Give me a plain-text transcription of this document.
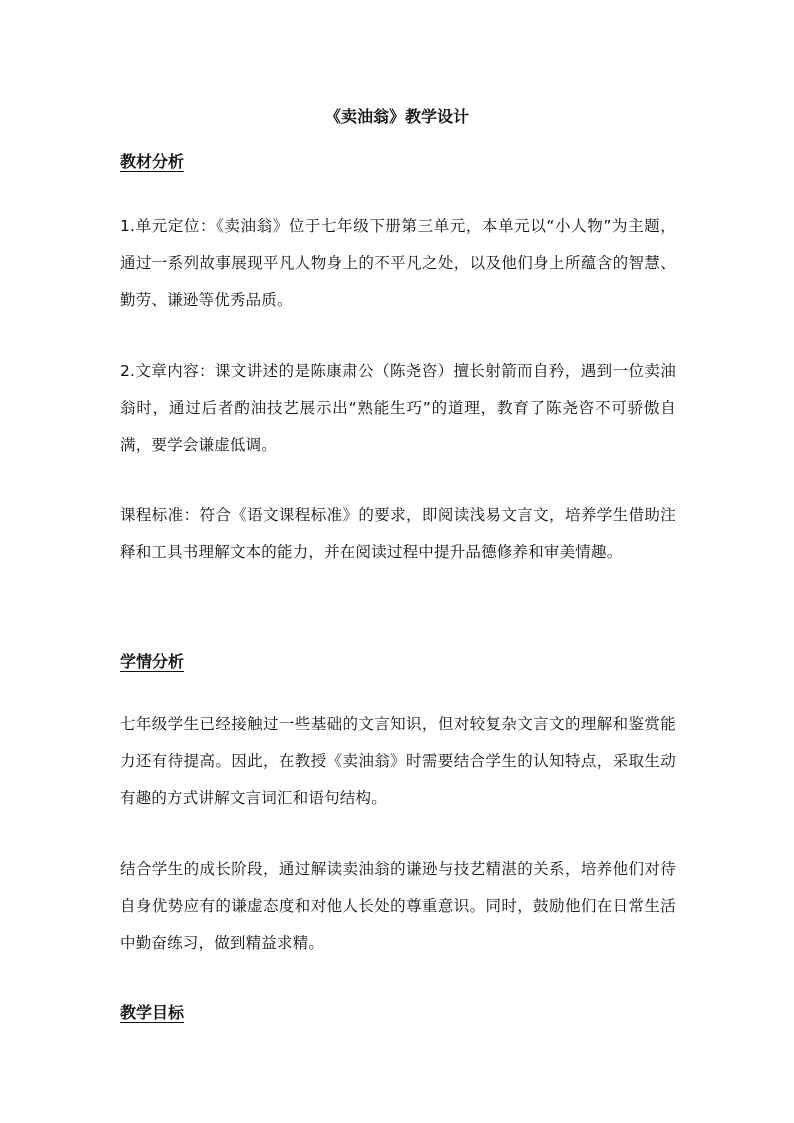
《卖油翁》教学设计
教材分析
1.单元定位：《卖油翁》位于七年级下册第三单元，本单元以“小人物”为主题，通过一系列故事展现平凡人物身上的不平凡之处，以及他们身上所蕴含的智慧、勤劳、谦逊等优秀品质。
2.文章内容：课文讲述的是陈康肃公（陈尧咨）擅长射箭而自矜，遇到一位卖油翁时，通过后者酌油技艺展示出“熟能生巧”的道理，教育了陈尧咨不可骄傲自满，要学会谦虚低调。
课程标准：符合《语文课程标准》的要求，即阅读浅易文言文，培养学生借助注释和工具书理解文本的能力，并在阅读过程中提升品德修养和审美情趣。
学情分析
七年级学生已经接触过一些基础的文言知识，但对较复杂文言文的理解和鉴赏能力还有待提高。因此，在教授《卖油翁》时需要结合学生的认知特点，采取生动有趣的方式讲解文言词汇和语句结构。
结合学生的成长阶段，通过解读卖油翁的谦逊与技艺精湛的关系，培养他们对待自身优势应有的谦虚态度和对他人长处的尊重意识。同时，鼓励他们在日常生活中勤奋练习，做到精益求精。
教学目标
